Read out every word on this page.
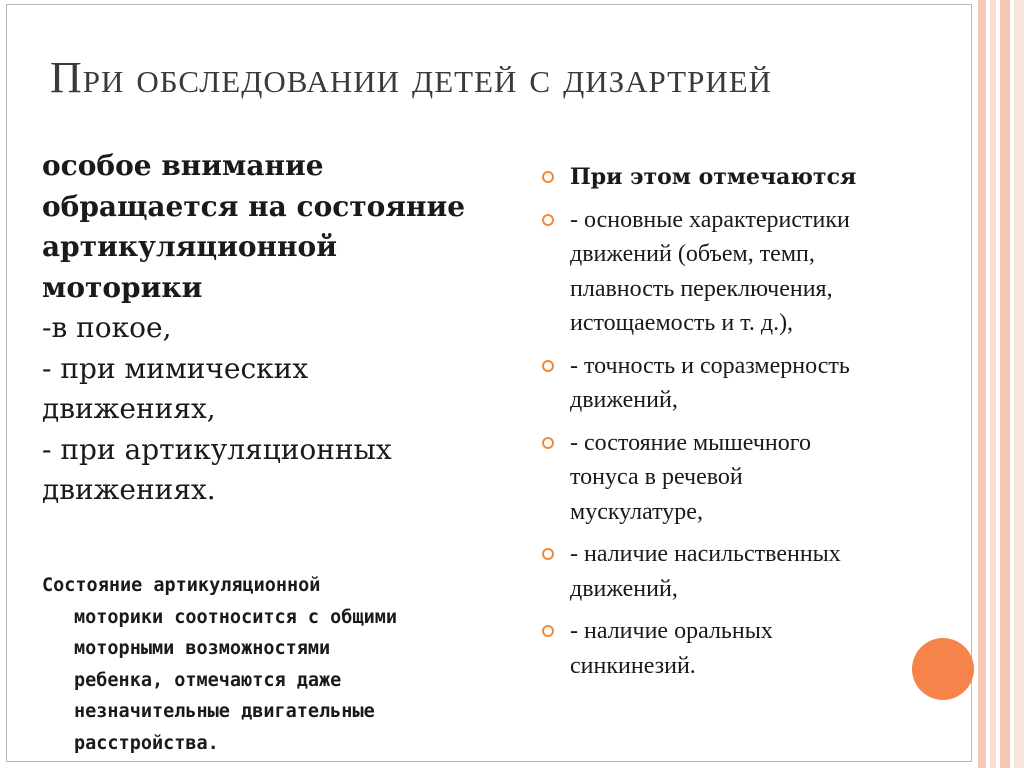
При обследовании детей с дизартрией

особое внимание

обращается на состояние

артикуляционной

моторики

-в покое,

- при мимических

движениях,

- при артикуляционных

движениях.

Состояние артикуляционной

моторики соотносится с общими

моторными возможностями

ребенка, отмечаются даже

незначительные двигательные

расстройства.

При этом отмечаются
- основные характеристики
движений (объем, темп,
плавность переключения,
истощаемость и т. д.),
- точность и соразмерность
движений,
- состояние мышечного
тонуса в речевой
мускулатуре,
- наличие насильственных
движений,
- наличие оральных
синкинезий.
